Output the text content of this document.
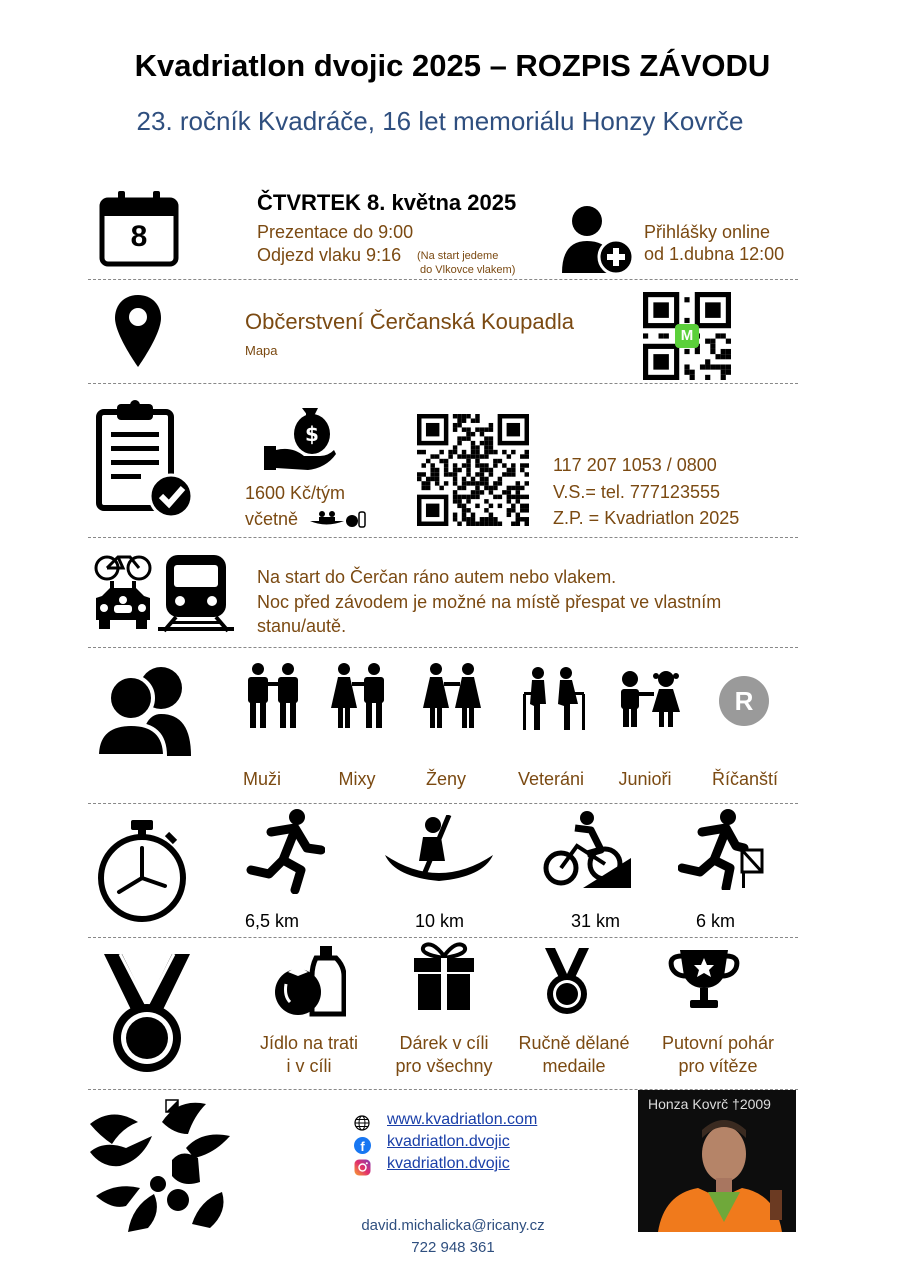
Kvadriatlon dvojic 2025 – ROZPIS ZÁVODU
23. ročník Kvadráče, 16 let memoriálu Honzy Kovrče
8
ČTVRTEK 8. května 2025
Prezentace do 9:00
Odjezd vlaku 9:16 (Na start jedeme
do Vlkovce vlakem)
Přihlášky online
od 1.dubna 12:00
Občerstvení Čerčanská Koupadla
Mapa
M
$
1600 Kč/tým
včetně
117 207 1053 / 0800
V.S.= tel. 777123555
Z.P. = Kvadriatlon 2025
Na start do Čerčan ráno autem nebo vlakem.
Noc před závodem je možné na místě přespat ve vlastním
stanu/autě.
R
Muži	Mixy	Ženy	Veteráni	Junioři	Říčanští
6,5 km	10 km	31 km	6 km
Jídlo na trati
i v cíli
Dárek v cíli
pro všechny
Ručně dělané
medaile
Putovní pohár
pro vítěze
www.kvadriatlon.com
f	kvadriatlon.dvojic
kvadriatlon.dvojic
david.michalicka@ricany.cz
722 948 361
Honza Kovrč †2009
